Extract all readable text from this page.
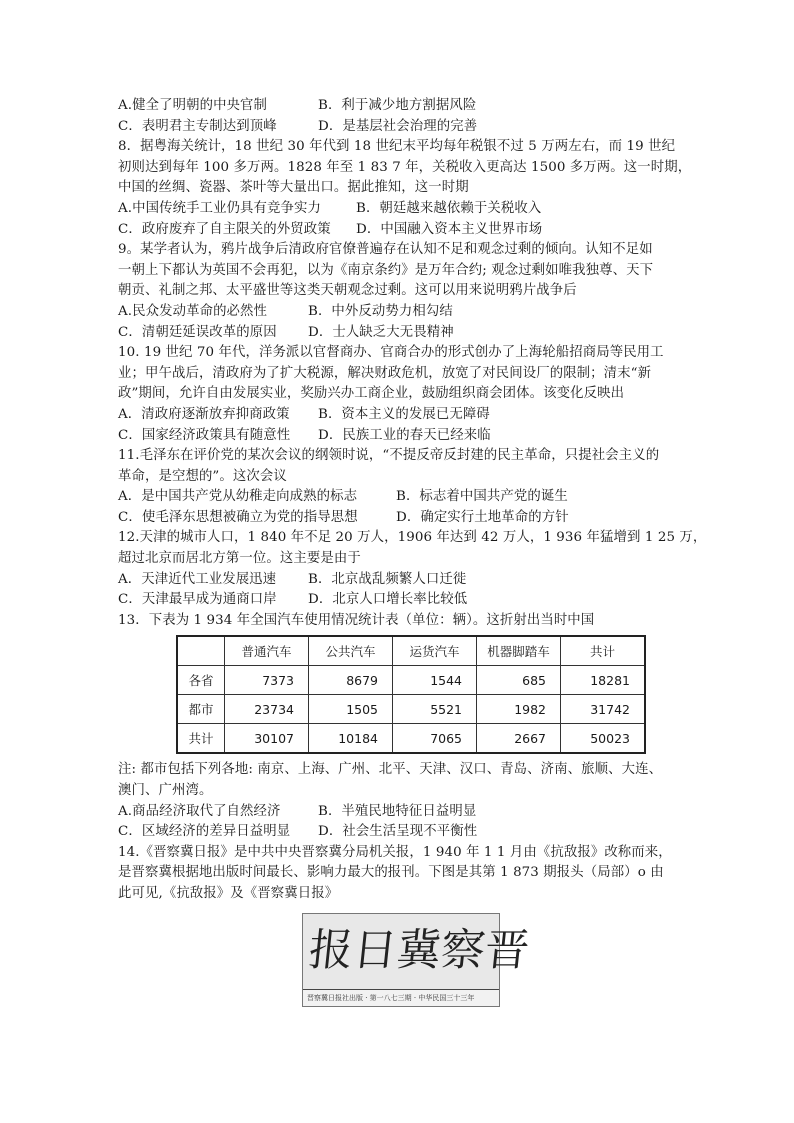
A.健全了明朝的中央官制	B．利于减少地方割据风险
C．表明君主专制达到顶峰	D．是基层社会治理的完善
8．据粤海关统计，18 世纪 30 年代到 18 世纪末平均每年税银不过 5 万两左右，而 19 世纪
初则达到每年 100 多万两。1828 年至 1 83 7 年，关税收入更高达 1500 多万两。这一时期，
中国的丝绸、瓷器、茶叶等大量出口。据此推知，这一时期
A.中国传统手工业仍具有竞争实力	B．朝廷越来越依赖于关税收入
C．政府废弃了自主限关的外贸政策	D．中国融入资本主义世界市场
9。某学者认为，鸦片战争后清政府官僚普遍存在认知不足和观念过剩的倾向。认知不足如
一朝上下都认为英国不会再犯，以为《南京条约》是万年合约; 观念过剩如唯我独尊、天下
朝贡、礼制之邦、太平盛世等这类天朝观念过剩。这可以用来说明鸦片战争后
A.民众发动革命的必然性	B．中外反动势力相勾结
C．清朝廷延误改革的原因	D．士人缺乏大无畏精神
10. 19 世纪 70 年代，洋务派以官督商办、官商合办的形式创办了上海轮船招商局等民用工
业；甲午战后，清政府为了扩大税源，解决财政危机，放宽了对民间设厂的限制；清末“新
政”期间，允许自由发展实业，奖励兴办工商企业，鼓励组织商会团体。该变化反映出
A．清政府逐渐放弃抑商政策	B．资本主义的发展已无障碍
C．国家经济政策具有随意性	D．民族工业的春天已经来临
11.毛泽东在评价党的某次会议的纲领时说，“不提反帝反封建的民主革命，只提社会主义的
革命，是空想的”。这次会议
A．是中国共产党从幼稚走向成熟的标志	B．标志着中国共产党的诞生
C．使毛泽东思想被确立为党的指导思想	D．确定实行土地革命的方针
12.天津的城市人口，1 840 年不足 20 万人，1906 年达到 42 万人，1 936 年猛增到 1 25 万，
超过北京而居北方第一位。这主要是由于
A．天津近代工业发展迅速	B．北京战乱频繁人口迁徙
C．天津最早成为通商口岸	D．北京人口增长率比较低
13．下表为 1 934 年全国汽车使用情况统计表（单位：辆）。这折射出当时中国
	普通汽车	公共汽车	运货汽车	机器脚踏车	共计
各省	7373	8679	1544	685	18281
都市	23734	1505	5521	1982	31742
共计	30107	10184	7065	2667	50023
注: 都市包括下列各地: 南京、上海、广州、北平、天津、汉口、青岛、济南、旅顺、大连、
澳门、广州湾。
A.商品经济取代了自然经济	B．半殖民地特征日益明显
C．区域经济的差异日益明显	D．社会生活呈现不平衡性
14.《晋察冀日报》是中共中央晋察冀分局机关报，1 940 年 1 1 月由《抗敌报》改称而来，
是晋察冀根据地出版时间最长、影响力最大的报刊。下图是其第 1 873 期报头（局部）o 由
此可见,《抗敌报》及《晋察冀日报》
报日冀察晋
晋察冀日报社出版 · 第一八七三期 · 中华民国三十三年
